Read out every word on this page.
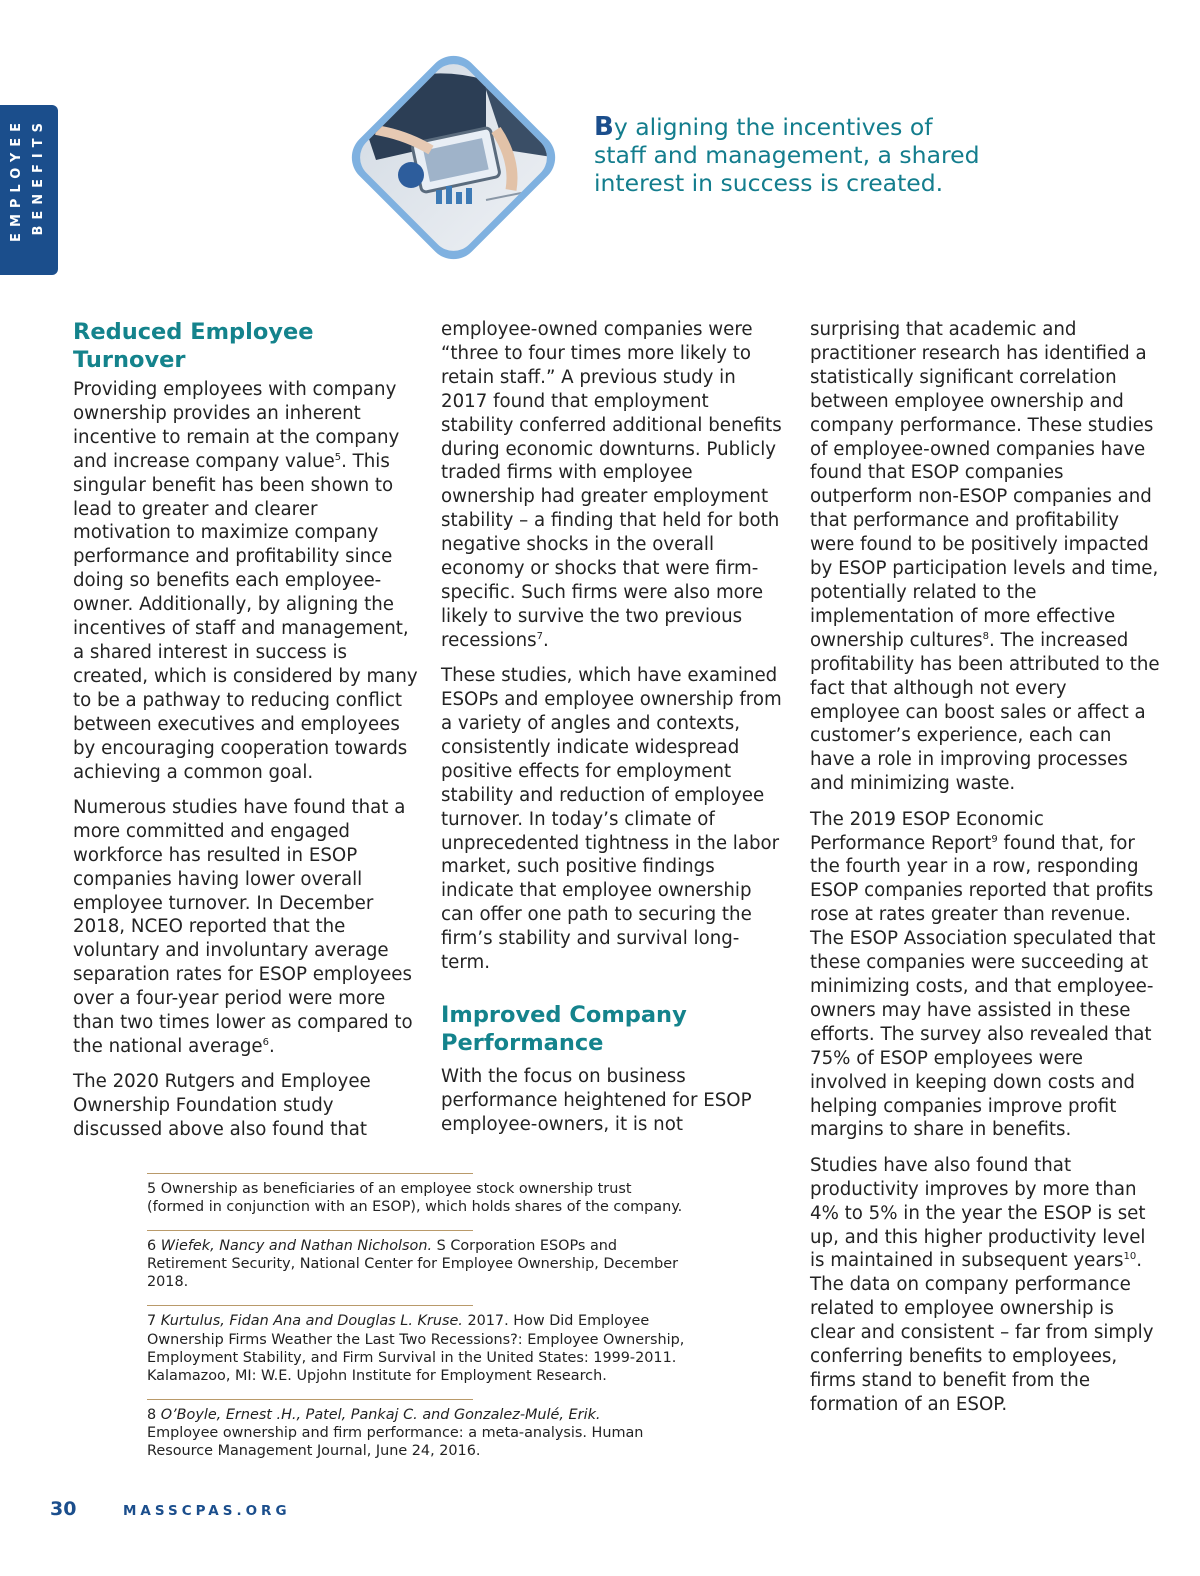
EMPLOYEE BENEFITS	By aligning the incentives of
staff and management, a shared
interest in success is created.
Reduced Employee
Turnover

Providing employees with company ownership provides an inherent incentive to remain at the company and increase company value$^5$. This singular benefit has been shown to lead to greater and clearer motivation to maximize company performance and profitability since doing so benefits each employee-owner. Additionally, by aligning the incentives of staff and management, a shared interest in success is created, which is considered by many to be a pathway to reducing conflict between executives and employees by encouraging cooperation towards achieving a common goal.

Numerous studies have found that a more committed and engaged workforce has resulted in ESOP companies having lower overall employee turnover. In December 2018, NCEO reported that the voluntary and involuntary average separation rates for ESOP employees over a four-year period were more than two times lower as compared to the national average$^6$.

The 2020 Rutgers and Employee Ownership Foundation study discussed above also found that

employee-owned companies were “three to four times more likely to retain staff.” A previous study in 2017 found that employment stability conferred additional benefits during economic downturns. Publicly traded firms with employee ownership had greater employment stability – a finding that held for both negative shocks in the overall economy or shocks that were firm-specific. Such firms were also more likely to survive the two previous recessions$^7$.

These studies, which have examined ESOPs and employee ownership from a variety of angles and contexts, consistently indicate widespread positive effects for employment stability and reduction of employee turnover. In today’s climate of unprecedented tightness in the labor market, such positive findings indicate that employee ownership can offer one path to securing the firm’s stability and survival long-term.

Improved Company
Performance

With the focus on business performance heightened for ESOP employee-owners, it is not

surprising that academic and practitioner research has identified a statistically significant correlation between employee ownership and company performance. These studies of employee-owned companies have found that ESOP companies outperform non-ESOP companies and that performance and profitability were found to be positively impacted by ESOP participation levels and time, potentially related to the implementation of more effective ownership cultures$^8$. The increased profitability has been attributed to the fact that although not every employee can boost sales or affect a customer’s experience, each can have a role in improving processes and minimizing waste.

The 2019 ESOP Economic Performance Report$^9$ found that, for the fourth year in a row, responding ESOP companies reported that profits rose at rates greater than revenue. The ESOP Association speculated that these companies were succeeding at minimizing costs, and that employee-owners may have assisted in these efforts. The survey also revealed that 75% of ESOP employees were involved in keeping down costs and helping companies improve profit margins to share in benefits.

Studies have also found that productivity improves by more than 4% to 5% in the year the ESOP is set up, and this higher productivity level is maintained in subsequent years$^{10}$. The data on company performance related to employee ownership is clear and consistent – far from simply conferring benefits to employees, firms stand to benefit from the formation of an ESOP.

5 Ownership as beneficiaries of an employee stock ownership trust (formed in conjunction with an ESOP), which holds shares of the company.
6 Wiefek, Nancy and Nathan Nicholson. S Corporation ESOPs and Retirement Security, National Center for Employee Ownership, December 2018.
7 Kurtulus, Fidan Ana and Douglas L. Kruse. 2017. How Did Employee Ownership Firms Weather the Last Two Recessions?: Employee Ownership, Employment Stability, and Firm Survival in the United States: 1999-2011. Kalamazoo, MI: W.E. Upjohn Institute for Employment Research.
8 O’Boyle, Ernest .H., Patel, Pankaj C. and Gonzalez-Mulé, Erik.
Employee ownership and firm performance: a meta-analysis. Human Resource Management Journal, June 24, 2016.
30	MASSCPAS.ORG
